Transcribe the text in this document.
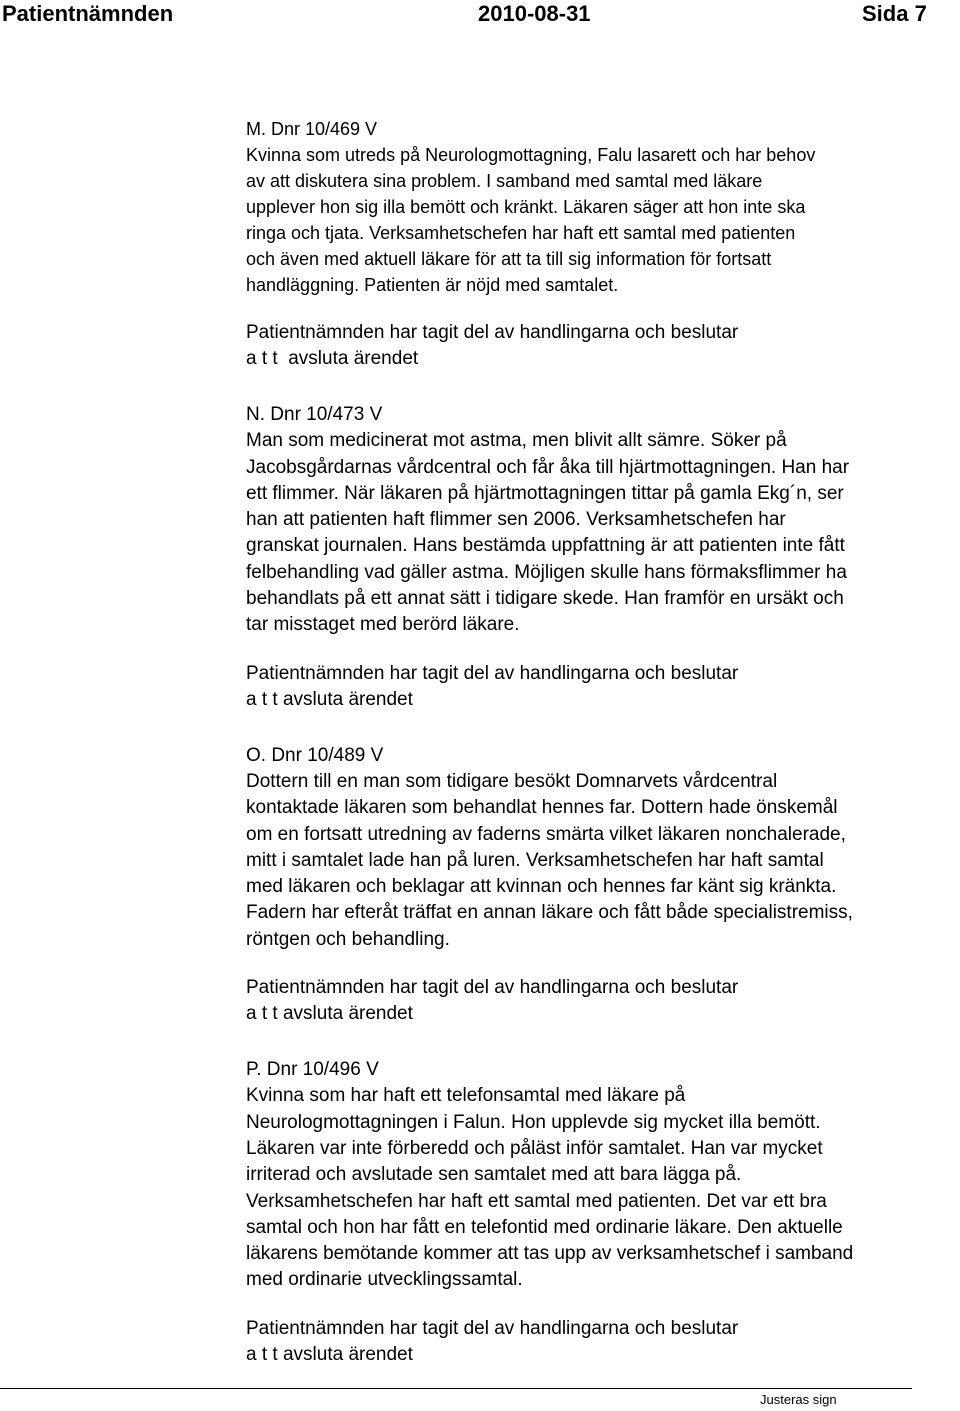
Patientnämnden	2010-08-31	Sida 7

M. Dnr 10/469 V

Kvinna som utreds på Neurologmottagning, Falu lasarett och har behov

av att diskutera sina problem. I samband med samtal med läkare

upplever hon sig illa bemött och kränkt. Läkaren säger att hon inte ska

ringa och tjata. Verksamhetschefen har haft ett samtal med patienten

och även med aktuell läkare för att ta till sig information för fortsatt

handläggning. Patienten är nöjd med samtalet.

Patientnämnden har tagit del av handlingarna och beslutar

a t t  avsluta ärendet

N. Dnr 10/473 V

Man som medicinerat mot astma, men blivit allt sämre. Söker på

Jacobsgårdarnas vårdcentral och får åka till hjärtmottagningen. Han har

ett flimmer. När läkaren på hjärtmottagningen tittar på gamla Ekg´n, ser

han att patienten haft flimmer sen 2006. Verksamhetschefen har

granskat journalen. Hans bestämda uppfattning är att patienten inte fått

felbehandling vad gäller astma. Möjligen skulle hans förmaksflimmer ha

behandlats på ett annat sätt i tidigare skede. Han framför en ursäkt och

tar misstaget med berörd läkare.

Patientnämnden har tagit del av handlingarna och beslutar

a t t avsluta ärendet

O. Dnr 10/489 V

Dottern till en man som tidigare besökt Domnarvets vårdcentral

kontaktade läkaren som behandlat hennes far. Dottern hade önskemål

om en fortsatt utredning av faderns smärta vilket läkaren nonchalerade,

mitt i samtalet lade han på luren. Verksamhetschefen har haft samtal

med läkaren och beklagar att kvinnan och hennes far känt sig kränkta.

Fadern har efteråt träffat en annan läkare och fått både specialistremiss,

röntgen och behandling.

Patientnämnden har tagit del av handlingarna och beslutar

a t t avsluta ärendet

P. Dnr 10/496 V

Kvinna som har haft ett telefonsamtal med läkare på

Neurologmottagningen i Falun. Hon upplevde sig mycket illa bemött.

Läkaren var inte förberedd och påläst inför samtalet. Han var mycket

irriterad och avslutade sen samtalet med att bara lägga på.

Verksamhetschefen har haft ett samtal med patienten. Det var ett bra

samtal och hon har fått en telefontid med ordinarie läkare. Den aktuelle

läkarens bemötande kommer att tas upp av verksamhetschef i samband

med ordinarie utvecklingssamtal.

Patientnämnden har tagit del av handlingarna och beslutar

a t t avsluta ärendet

Justeras sign
